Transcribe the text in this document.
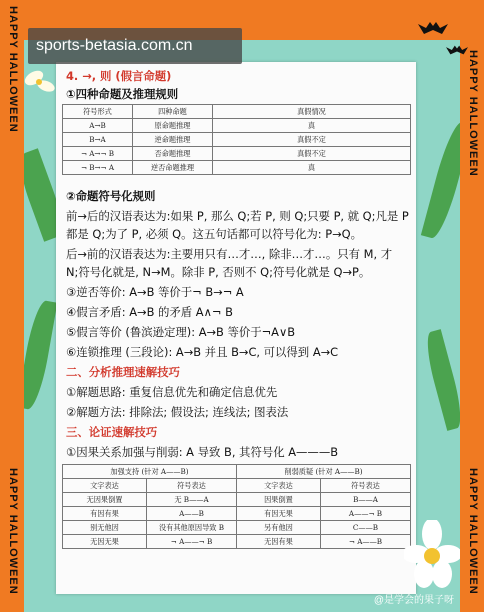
HAPPY HALLOWEEN
HAPPY HALLOWEEN
HAPPY HALLOWEEN
HAPPY HALLOWEEN
sports-betasia.com.cn
4. →, 则 (假言命题)
①四种命题及推理规则
符号形式	四种命题	真假情况
A→B	原命题推理	真
B→A	逆命题推理	真假不定
¬ A→¬ B	否命题推理	真假不定
¬ B→¬ A	逆否命题推理	真
②命题符号化规则
前→后的汉语表达为:如果 P, 那么 Q;若 P, 则 Q;只要 P, 就 Q;凡是 P
都是 Q;为了 P, 必须 Q。这五句话都可以符号化为: P→Q。
后→前的汉语表达为:主要用只有…才…, 除非…才…。只有 M, 才
N;符号化就是, N→M。除非 P, 否则不 Q;符号化就是 Q→P。
③逆否等价: A→B 等价于¬ B→¬ A
④假言矛盾: A→B 的矛盾 A∧¬ B
⑤假言等价 (鲁滨逊定理): A→B 等价于¬A∨B
⑥连锁推理 (三段论): A→B 并且 B→C, 可以得到 A→C
二、分析推理速解技巧
①解题思路: 重复信息优先和确定信息优先
②解题方法: 排除法; 假设法; 连线法; 图表法
三、论证速解技巧
①因果关系加强与削弱: A 导致 B, 其符号化 A———B
加强支持 (针对 A——B)		削弱质疑 (针对 A——B)	
文字表达	符号表达	文字表达	符号表达
无因果倒置	无 B——A	因果倒置	B——A
有因有果	A——B	有因无果	A——¬ B
别无他因	没有其他原因导致 B	另有他因	C——B
无因无果	¬ A——¬ B	无因有果	¬ A——B
@是学会的果子呀
